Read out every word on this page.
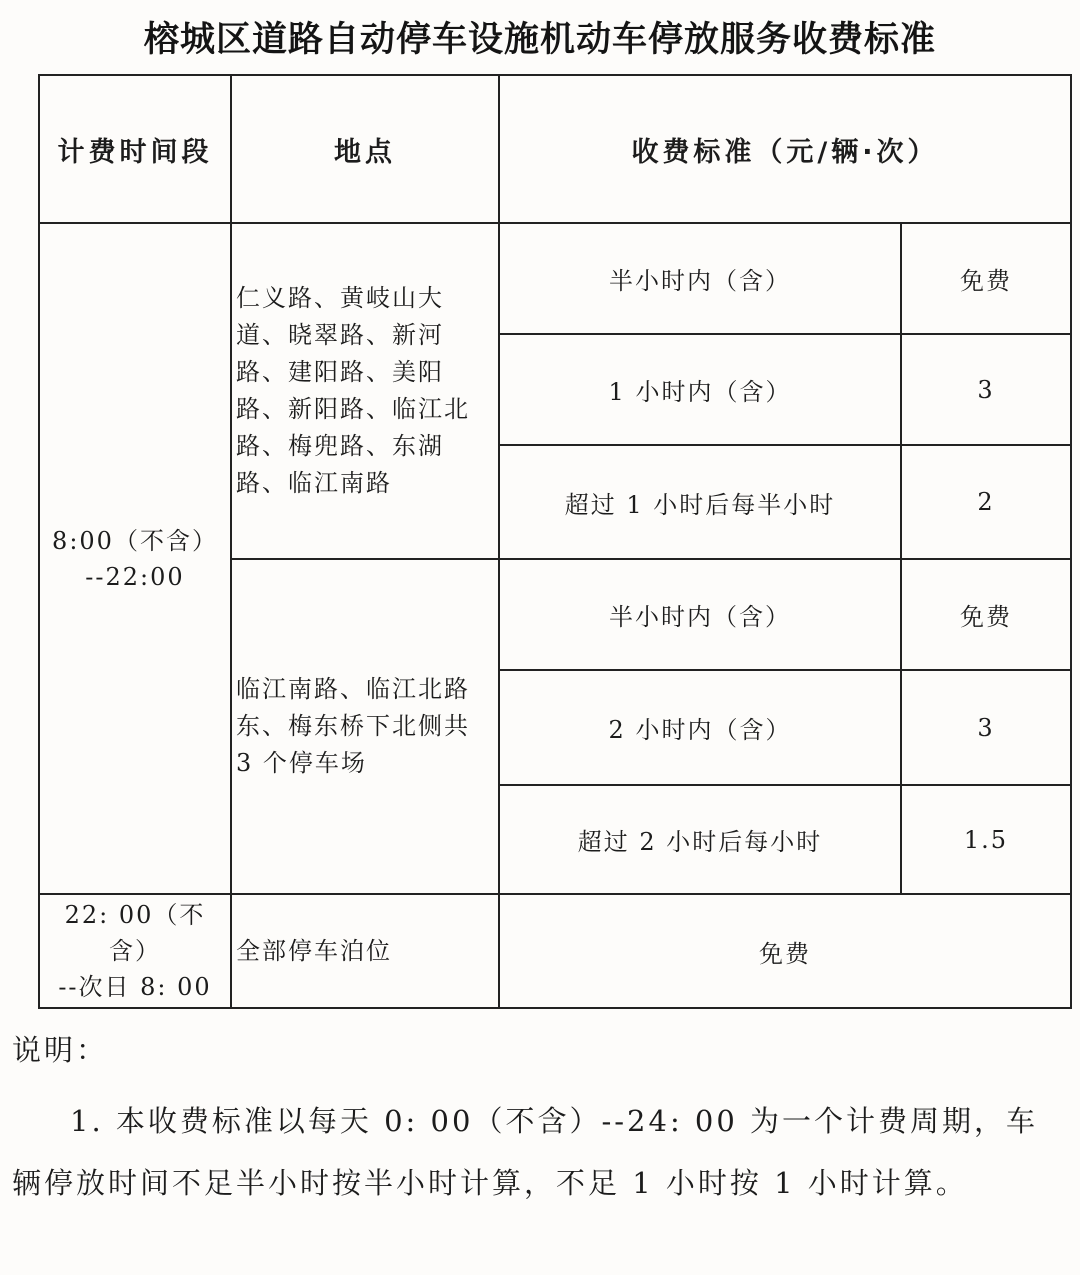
榕城区道路自动停车设施机动车停放服务收费标准
计费时间段	地点	收费标准（元/辆·次）	
8:00（不含）
--22:00	仁义路、黄岐山大道、晓翠路、新河路、建阳路、美阳路、新阳路、临江北路、梅兜路、东湖路、临江南路	半小时内（含）	免费
		1 小时内（含）	3
		超过 1 小时后每半小时	2
	临江南路、临江北路东、梅东桥下北侧共 3 个停车场	半小时内（含）	免费
		2 小时内（含）	3
		超过 2 小时后每小时	1.5
22: 00（不含）
--次日 8: 00	全部停车泊位	免费	
说明：

1. 本收费标准以每天 0: 00（不含）--24: 00 为一个计费周期，车辆停放时间不足半小时按半小时计算，不足 1 小时按 1 小时计算。
